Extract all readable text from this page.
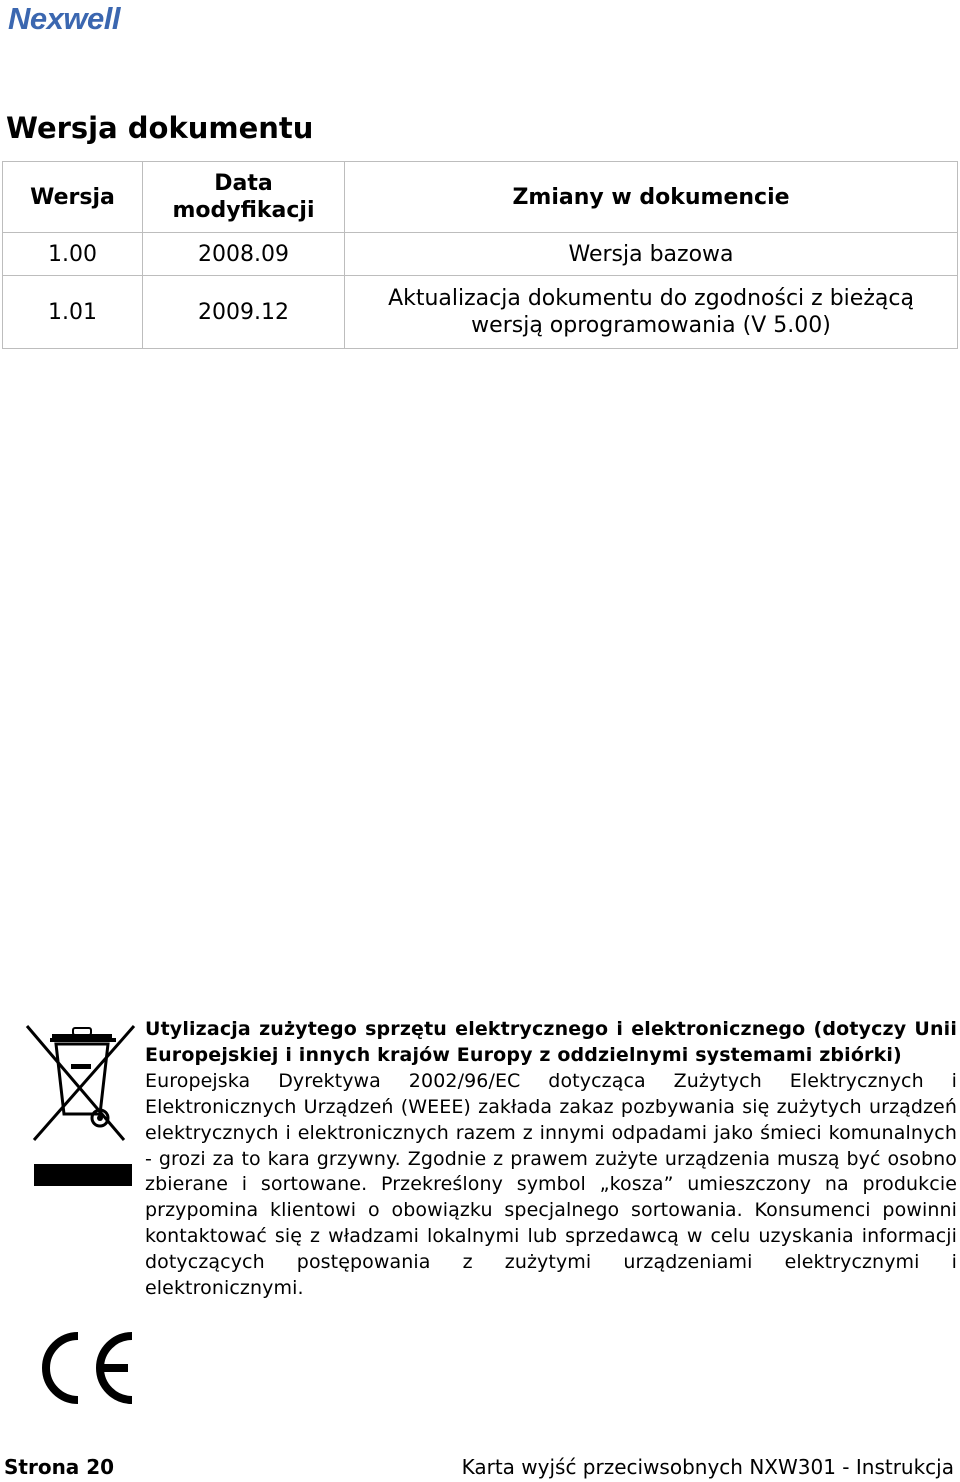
Nexwell
Wersja dokumentu
Wersja	Data modyfikacji	Zmiany w dokumencie
1.00	2008.09	Wersja bazowa
1.01	2009.12	Aktualizacja dokumentu do zgodności z bieżącą wersją oprogramowania (V 5.00)
Utylizacja zużytego sprzętu elektrycznego i elektronicznego (dotyczy Unii Europejskiej i innych krajów Europy z oddzielnymi systemami zbiórki)
Europejska Dyrektywa 2002/96/EC dotycząca Zużytych Elektrycznych i Elektronicznych Urządzeń (WEEE) zakłada zakaz pozbywania się zużytych urządzeń elektrycznych i elektronicznych razem z innymi odpadami jako śmieci komunalnych - grozi za to kara grzywny. Zgodnie z prawem zużyte urządzenia muszą być osobno zbierane i sortowane. Przekreślony symbol „kosza” umieszczony na produkcie przypomina klientowi o obowiązku specjalnego sortowania. Konsumenci powinni kontaktować się z władzami lokalnymi lub sprzedawcą w celu uzyskania informacji dotyczących postępowania z zużytymi urządzeniami elektrycznymi i elektronicznymi.
Strona 20	Karta wyjść przeciwsobnych NXW301 - Instrukcja
